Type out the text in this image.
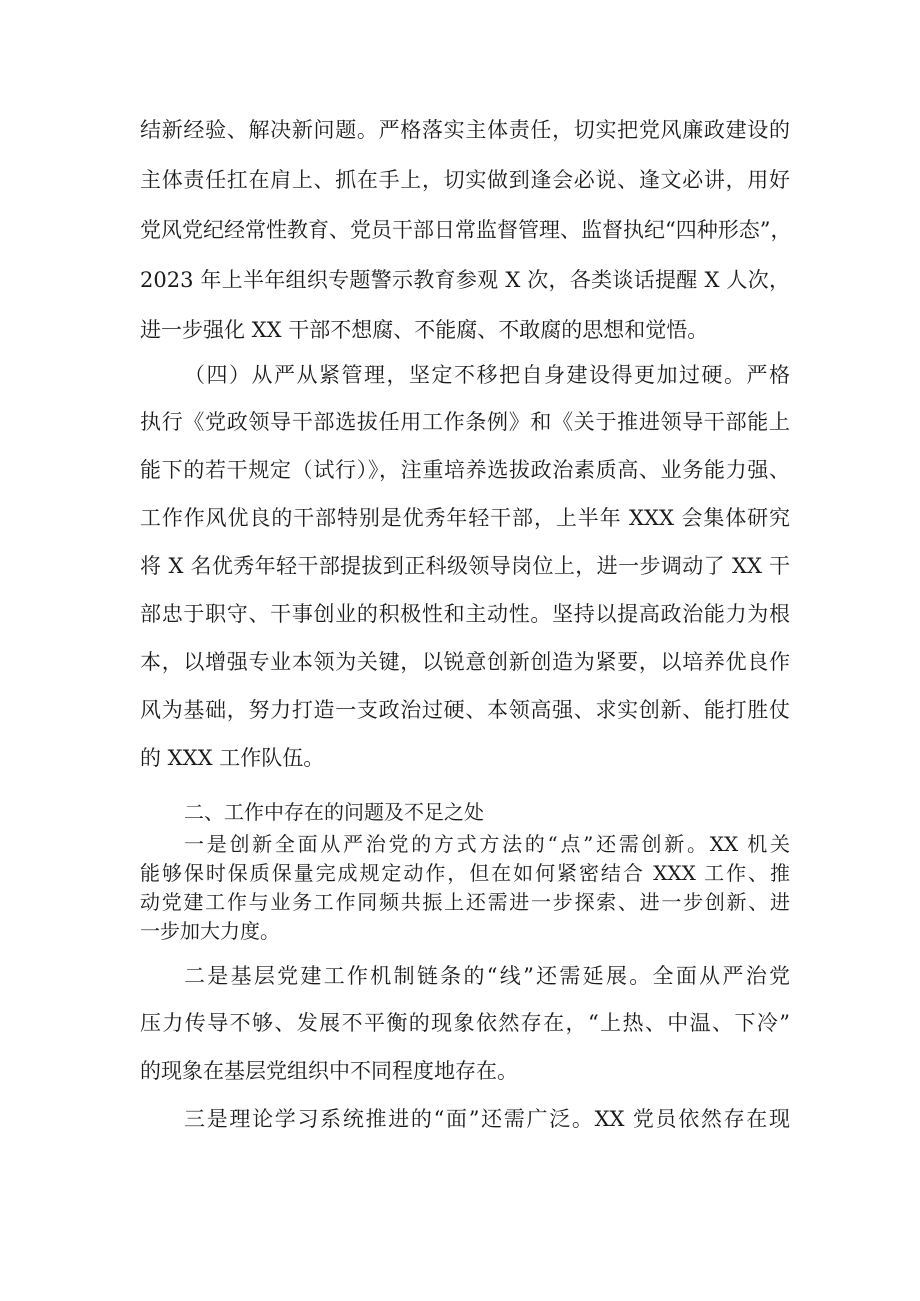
结新经验、解决新问题。严格落实主体责任，切实把党风廉政建设的
主体责任扛在肩上、抓在手上，切实做到逢会必说、逢文必讲，用好
党风党纪经常性教育、党员干部日常监督管理、监督执纪“四种形态”，
2023 年上半年组织专题警示教育参观 X 次，各类谈话提醒 X 人次，
进一步强化 XX 干部不想腐、不能腐、不敢腐的思想和觉悟。
（四）从严从紧管理，坚定不移把自身建设得更加过硬。严格
执行《党政领导干部选拔任用工作条例》和《关于推进领导干部能上
能下的若干规定（试行）》，注重培养选拔政治素质高、业务能力强、
工作作风优良的干部特别是优秀年轻干部，上半年 XXX 会集体研究
将 X 名优秀年轻干部提拔到正科级领导岗位上，进一步调动了 XX 干
部忠于职守、干事创业的积极性和主动性。坚持以提高政治能力为根
本，以增强专业本领为关键，以锐意创新创造为紧要，以培养优良作
风为基础，努力打造一支政治过硬、本领高强、求实创新、能打胜仗
的 XXX 工作队伍。
二、工作中存在的问题及不足之处
一是创新全面从严治党的方式方法的“点”还需创新。XX 机关
能够保时保质保量完成规定动作，但在如何紧密结合 XXX 工作、推
动党建工作与业务工作同频共振上还需进一步探索、进一步创新、进
一步加大力度。
二是基层党建工作机制链条的“线”还需延展。全面从严治党
压力传导不够、发展不平衡的现象依然存在，“上热、中温、下冷”
的现象在基层党组织中不同程度地存在。
三是理论学习系统推进的“面”还需广泛。XX 党员依然存在现
